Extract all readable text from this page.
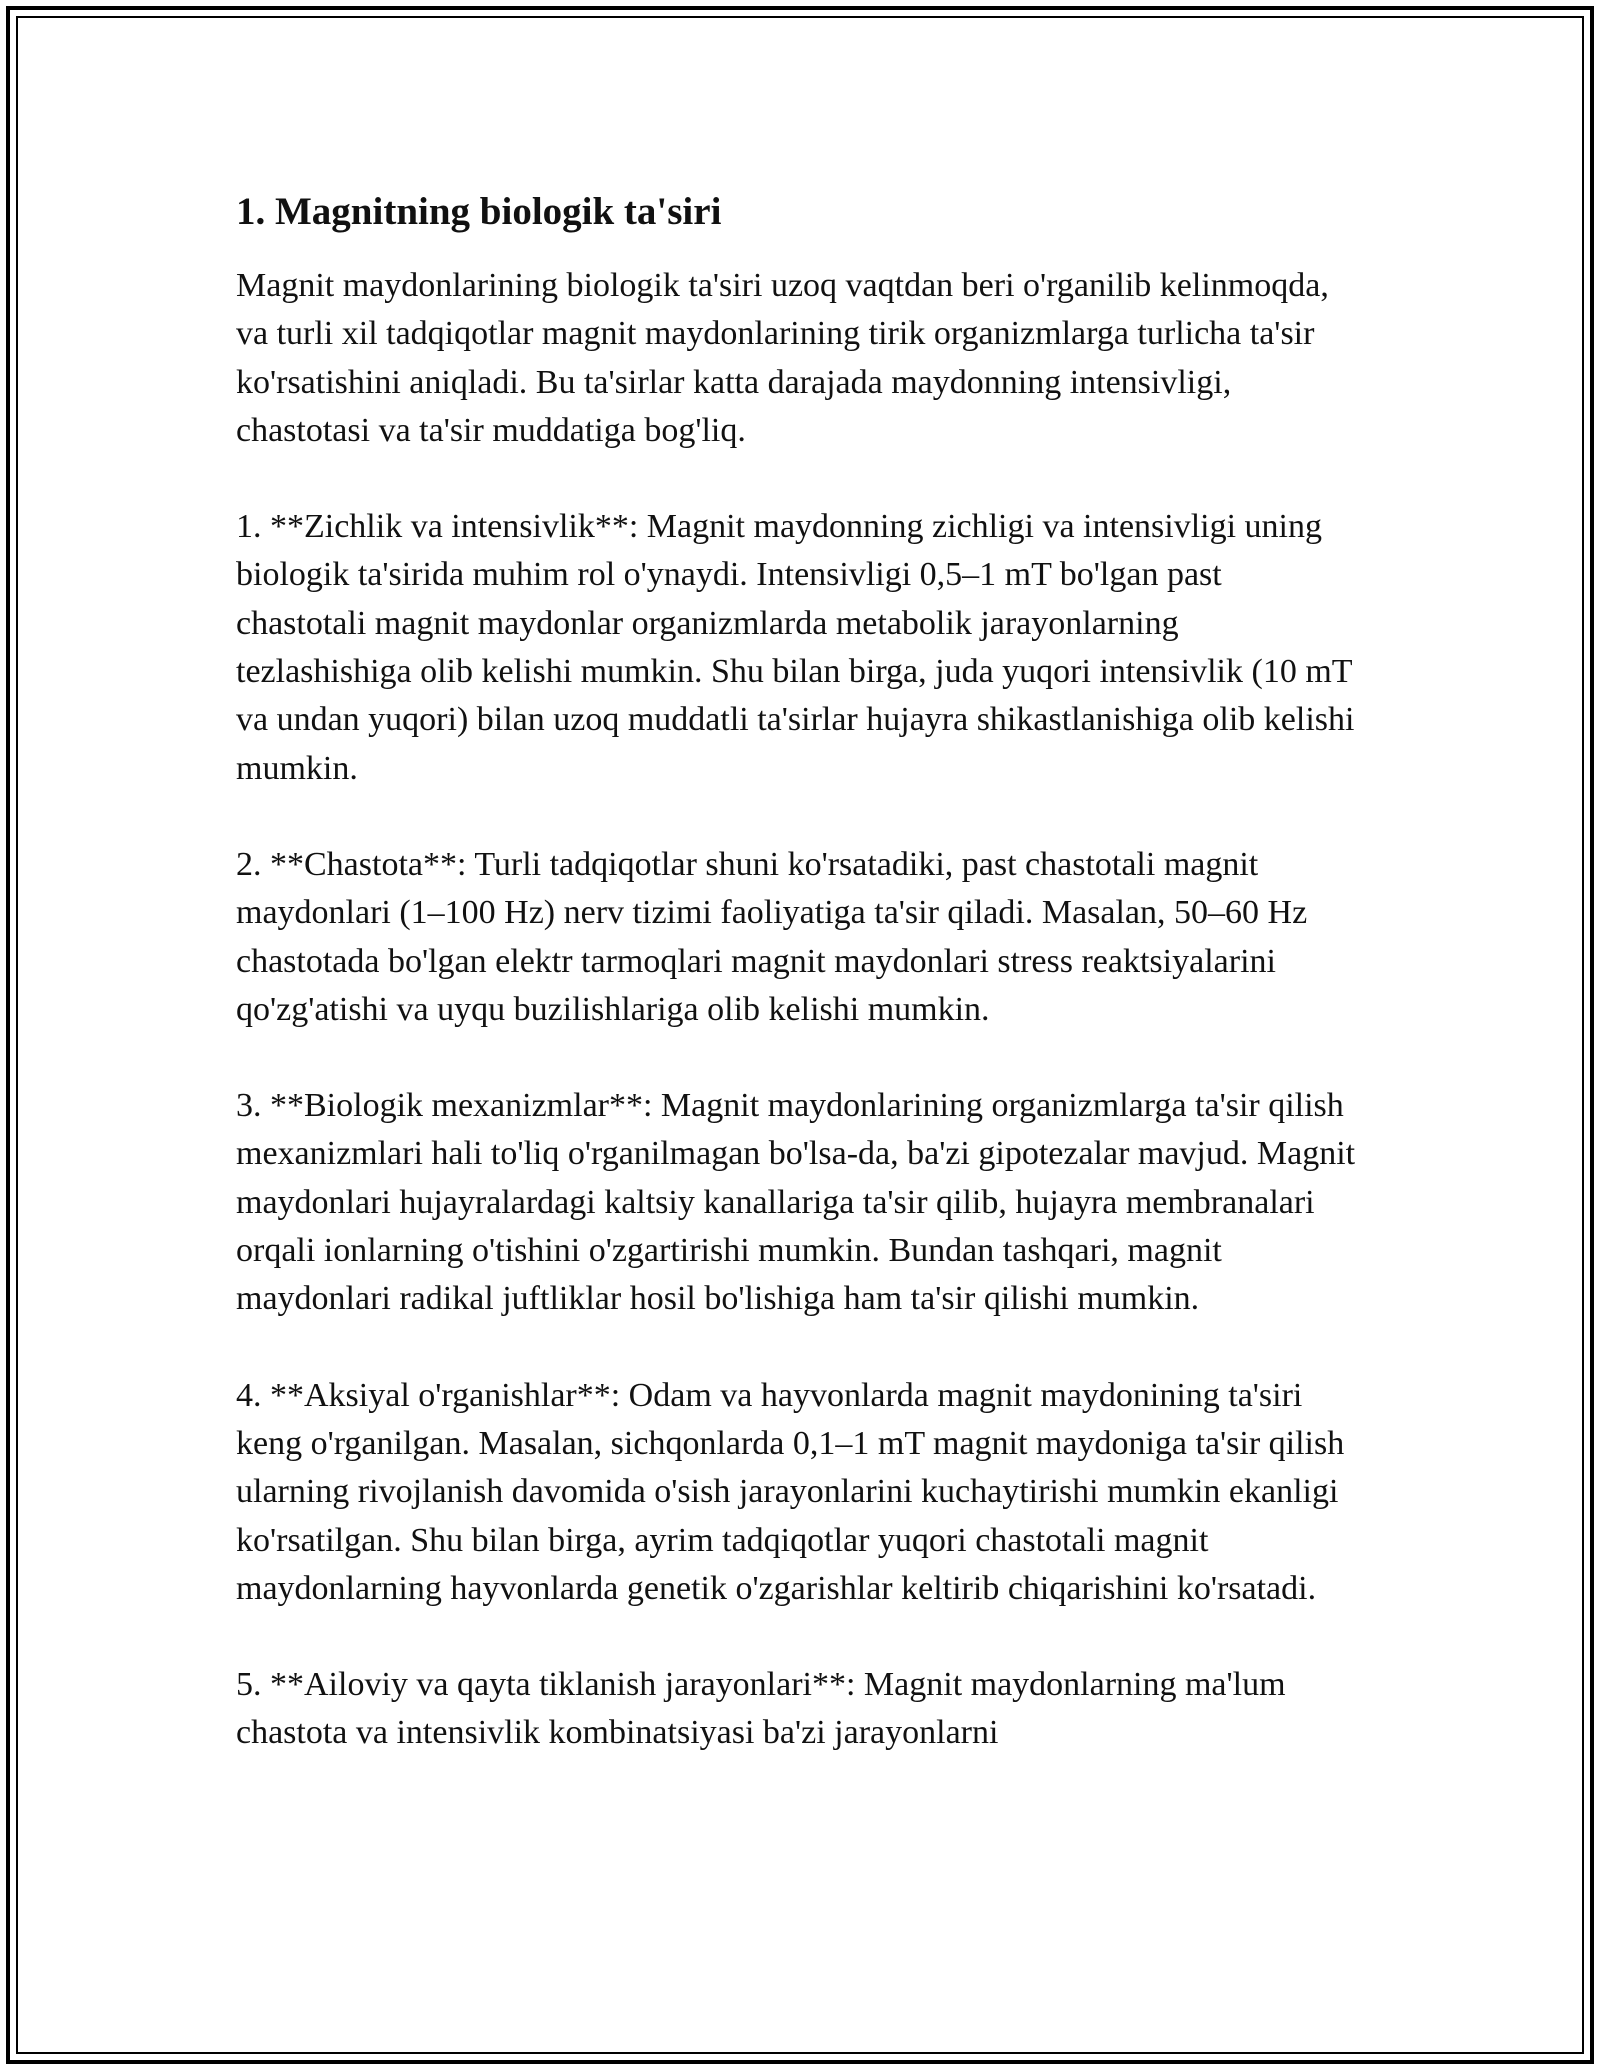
1. Magnitning biologik ta'siri

Magnit maydonlarining biologik ta'siri uzoq vaqtdan beri o'rganilib kelinmoqda, va turli xil tadqiqotlar magnit maydonlarining tirik organizmlarga turlicha ta'sir ko'rsatishini aniqladi. Bu ta'sirlar katta darajada maydonning intensivligi, chastotasi va ta'sir muddatiga bog'liq.

1. **Zichlik va intensivlik**: Magnit maydonning zichligi va intensivligi uning biologik ta'sirida muhim rol o'ynaydi. Intensivligi 0,5–1 mT bo'lgan past chastotali magnit maydonlar organizmlarda metabolik jarayonlarning tezlashishiga olib kelishi mumkin. Shu bilan birga, juda yuqori intensivlik (10 mT va undan yuqori) bilan uzoq muddatli ta'sirlar hujayra shikastlanishiga olib kelishi mumkin.

2. **Chastota**: Turli tadqiqotlar shuni ko'rsatadiki, past chastotali magnit maydonlari (1–100 Hz) nerv tizimi faoliyatiga ta'sir qiladi. Masalan, 50–60 Hz chastotada bo'lgan elektr tarmoqlari magnit maydonlari stress reaktsiyalarini qo'zg'atishi va uyqu buzilishlariga olib kelishi mumkin.

3. **Biologik mexanizmlar**: Magnit maydonlarining organizmlarga ta'sir qilish mexanizmlari hali to'liq o'rganilmagan bo'lsa-da, ba'zi gipotezalar mavjud. Magnit maydonlari hujayralardagi kaltsiy kanallariga ta'sir qilib, hujayra membranalari orqali ionlarning o'tishini o'zgartirishi mumkin. Bundan tashqari, magnit maydonlari radikal juftliklar hosil bo'lishiga ham ta'sir qilishi mumkin.

4. **Aksiyal o'rganishlar**: Odam va hayvonlarda magnit maydonining ta'siri keng o'rganilgan. Masalan, sichqonlarda 0,1–1 mT magnit maydoniga ta'sir qilish ularning rivojlanish davomida o'sish jarayonlarini kuchaytirishi mumkin ekanligi ko'rsatilgan. Shu bilan birga, ayrim tadqiqotlar yuqori chastotali magnit maydonlarning hayvonlarda genetik o'zgarishlar keltirib chiqarishini ko'rsatadi.

5. **Ailoviy va qayta tiklanish jarayonlari**: Magnit maydonlarning ma'lum chastota va intensivlik kombinatsiyasi ba'zi jarayonlarni
